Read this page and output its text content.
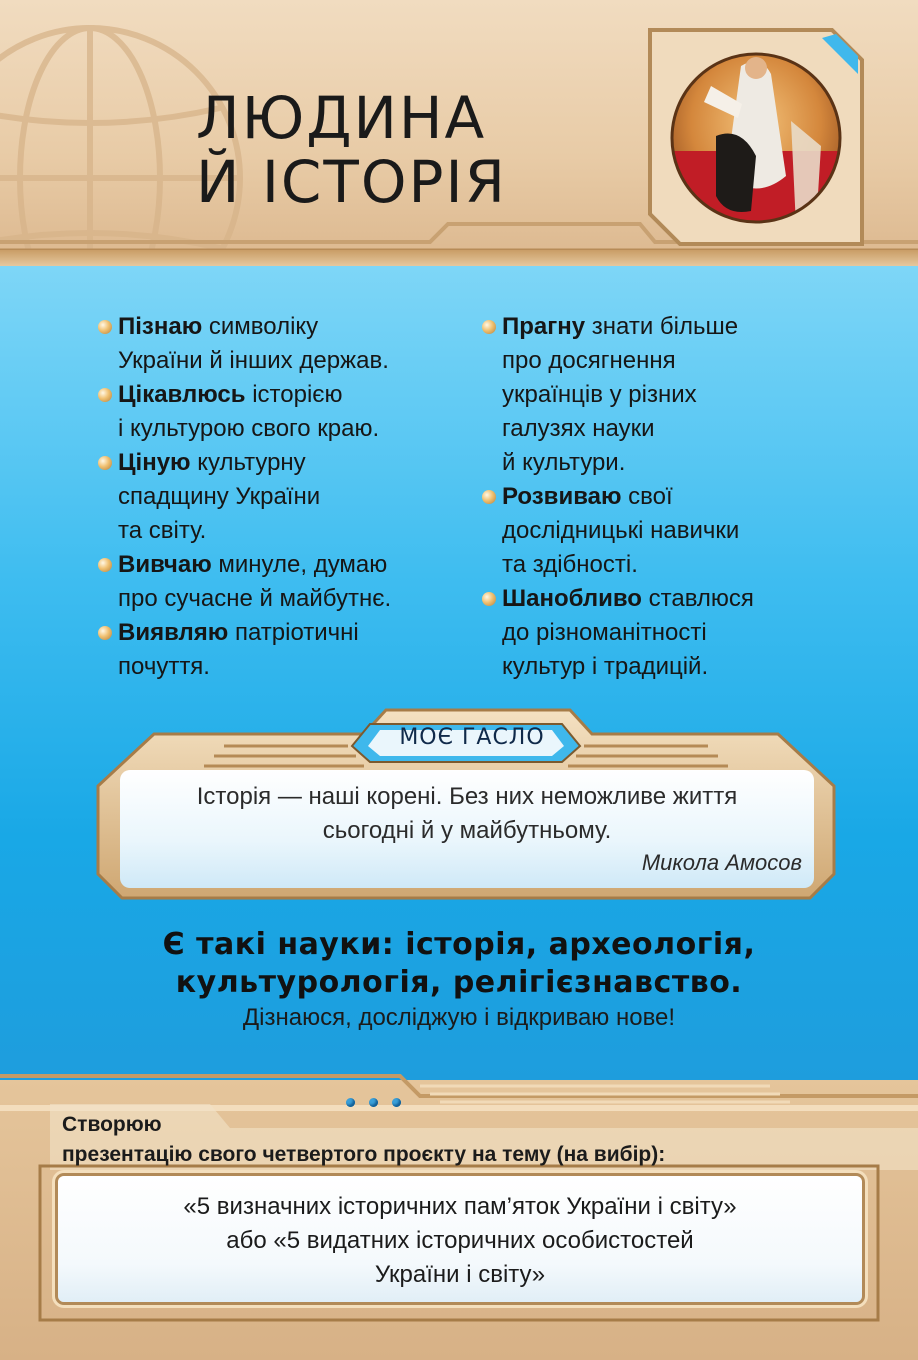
ЛЮДИНА
Й ІСТОРІЯ

Пізнаю символіку
України й інших держав.

Цікавлюсь історією
і культурою свого краю.

Ціную культурну
спадщину України
та світу.

Вивчаю минуле, думаю
про сучасне й майбутнє.

Виявляю патріотичні
почуття.

Прагну знати більше
про досягнення
українців у різних
галузях науки
й культури.

Розвиваю свої
дослідницькі навички
та здібності.

Шанобливо ставлюся
до різноманітності
культур і традицій.

МОЄ ГАСЛО

Історія — наші корені. Без них неможливе життя
сьогодні й у майбутньому.

Микола Амосов

Є такі науки: історія, археологія,
культурологія, релігієзнавство.

Дізнаюся, досліджую і відкриваю нове!

Створюю
презентацію свого четвертого проєкту на тему (на вибір):

«5 визначних історичних пам’яток України і світу»
або «5 видатних історичних особистостей
України і світу»
